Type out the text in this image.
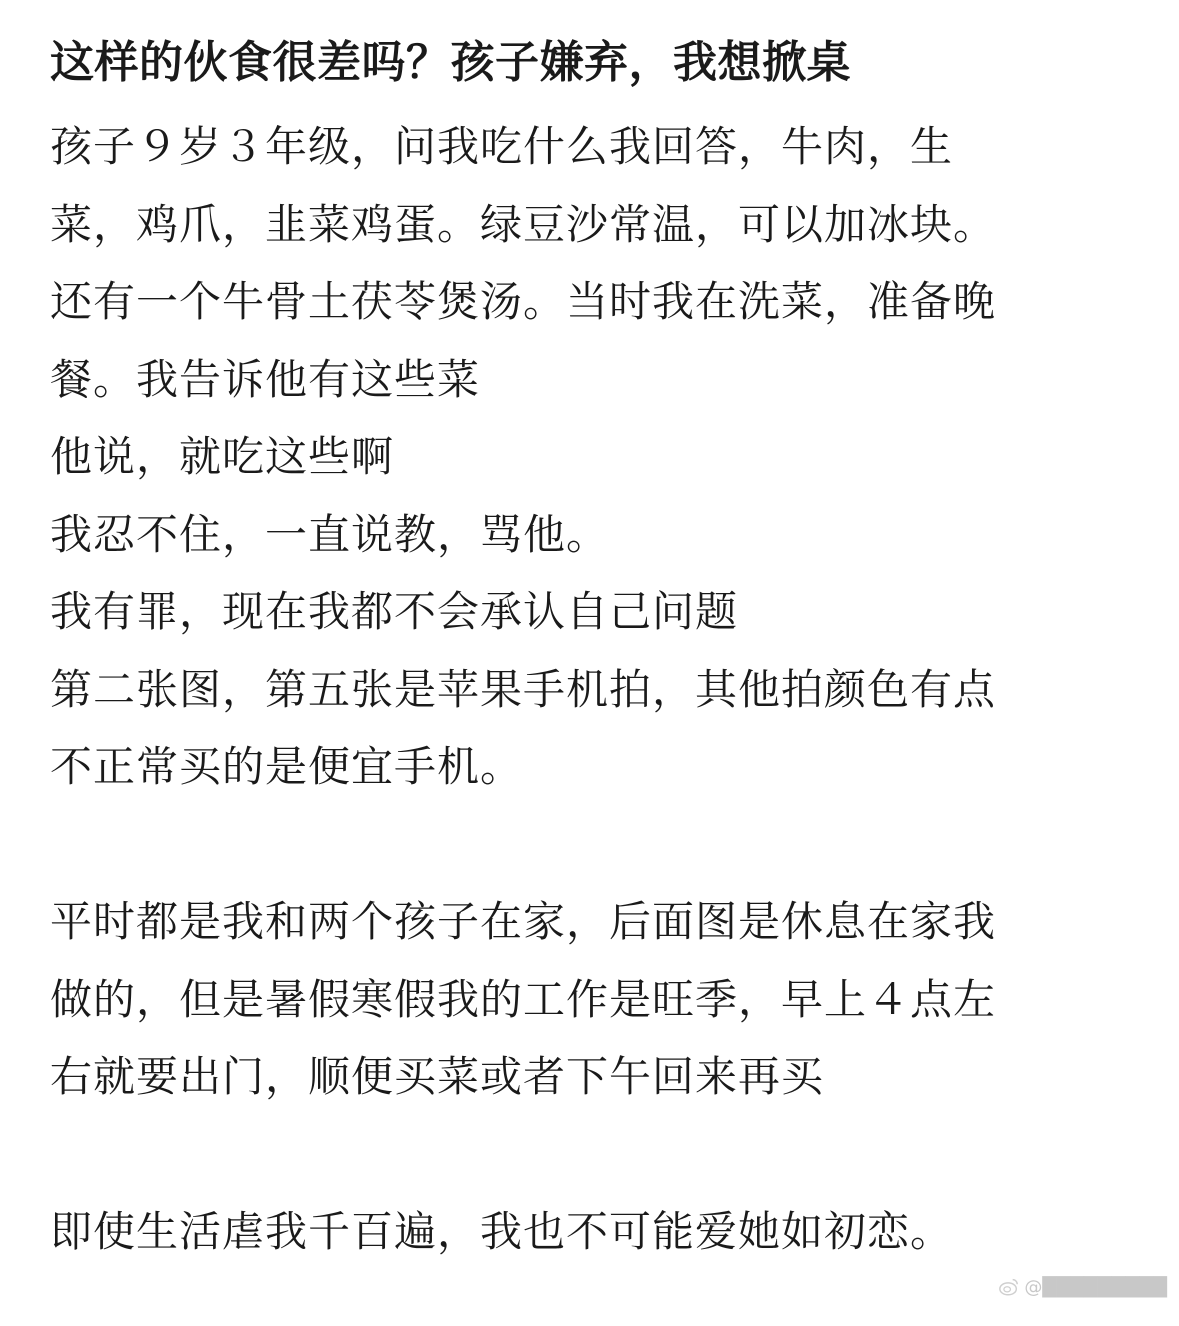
这样的伙食很差吗？孩子嫌弃，我想掀桌

孩子９岁３年级，问我吃什么我回答，牛肉，生
菜，鸡爪，韭菜鸡蛋。绿豆沙常温，可以加冰块。
还有一个牛骨土茯苓煲汤。当时我在洗菜，准备晚
餐。我告诉他有这些菜
他说，就吃这些啊
我忍不住，一直说教，骂他。
我有罪，现在我都不会承认自己问题
第二张图，第五张是苹果手机拍，其他拍颜色有点
不正常买的是便宜手机。

平时都是我和两个孩子在家，后面图是休息在家我
做的，但是暑假寒假我的工作是旺季，早上４点左
右就要出门，顺便买菜或者下午回来再买

即使生活虐我千百遍，我也不可能爱她如初恋。

@█████████
